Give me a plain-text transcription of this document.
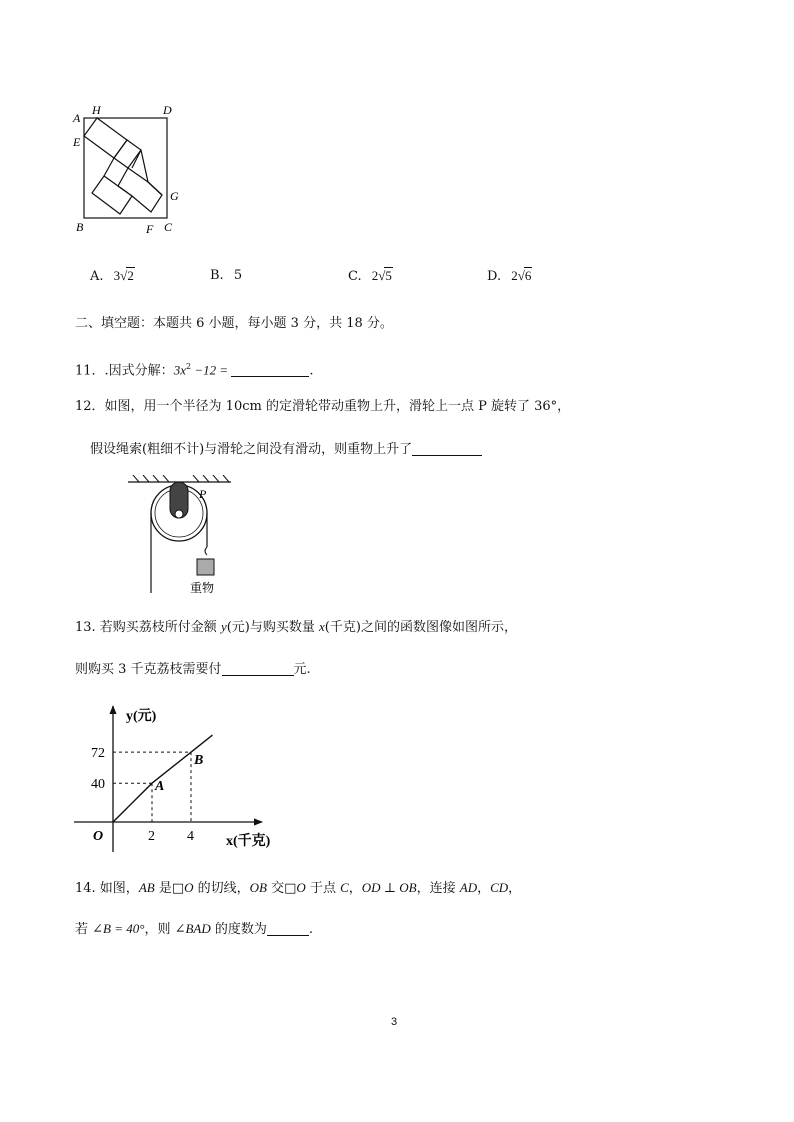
A
H	D
E
G
B	F C
A. 3√2	B. 5	C. 2√5	D. 2√6
二、填空题：本题共 6 小题，每小题 3 分，共 18 分。
11．.因式分解：$3x^2 -12$ =	.
12．如图，用一个半径为 10cm 的定滑轮带动重物上升，滑轮上一点 P 旋转了 36°，
假设绳索(粗细不计)与滑轮之间没有滑动，则重物上升了
P
重物
13. 若购买荔枝所付金额 y(元)与购买数量 x(千克)之间的函数图像如图所示，
则购买 3 千克荔枝需要付	元.
A
B
2 4
40
72
y(元)
x(千克)
O
14. 如图，AB 是□O 的切线，OB 交□O 于点 C，OD ⊥ OB，连接 AD，CD，
若 ∠B = 40°，则 ∠BAD 的度数为	.
3
